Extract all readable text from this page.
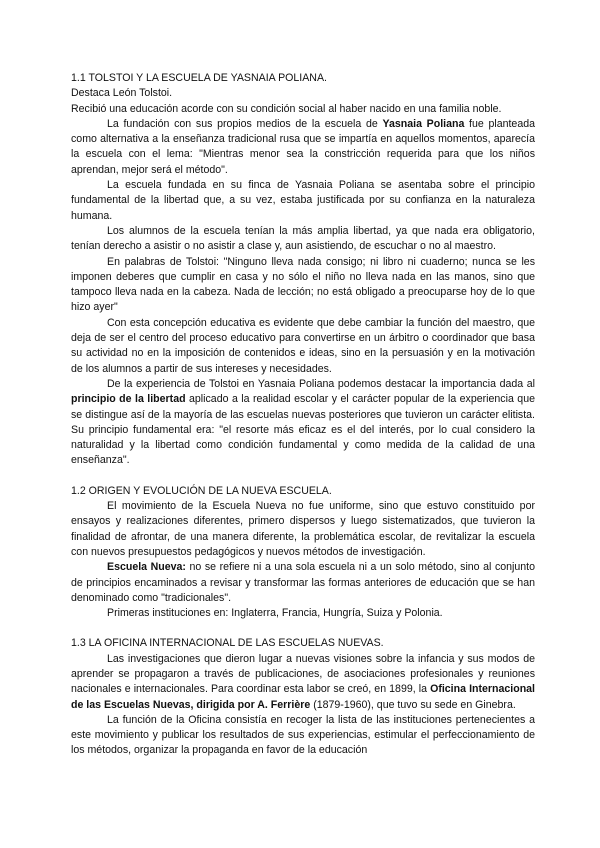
1.1 TOLSTOI Y LA ESCUELA DE YASNAIA POLIANA.

Destaca León Tolstoi.

Recibió una educación acorde con su condición social al haber nacido en una familia noble.

La fundación con sus propios medios de la escuela de Yasnaia Poliana fue planteada como alternativa a la enseñanza tradicional rusa que se impartía en aquellos momentos, aparecía la escuela con el lema: "Mientras menor sea la constricción requerida para que los niños aprendan, mejor será el método".

La escuela fundada en su finca de Yasnaia Poliana se asentaba sobre el principio fundamental de la libertad que, a su vez, estaba justificada por su confianza en la naturaleza humana.

Los alumnos de la escuela tenían la más amplia libertad, ya que nada era obligatorio, tenían derecho a asistir o no asistir a clase y, aun asistiendo, de escuchar o no al maestro.

En palabras de Tolstoi: "Ninguno lleva nada consigo; ni libro ni cuaderno; nunca se les imponen deberes que cumplir en casa y no sólo el niño no lleva nada en las manos, sino que tampoco lleva nada en la cabeza. Nada de lección; no está obligado a preocuparse hoy de lo que hizo ayer"

Con esta concepción educativa es evidente que debe cambiar la función del maestro, que deja de ser el centro del proceso educativo para convertirse en un árbitro o coordinador que basa su actividad no en la imposición de contenidos e ideas, sino en la persuasión y en la motivación de los alumnos a partir de sus intereses y necesidades.

De la experiencia de Tolstoi en Yasnaia Poliana podemos destacar la importancia dada al principio de la libertad aplicado a la realidad escolar y el carácter popular de la experiencia que se distingue así de la mayoría de las escuelas nuevas posteriores que tuvieron un carácter elitista. Su principio fundamental era: "el resorte más eficaz es el del interés, por lo cual considero la naturalidad y la libertad como condición fundamental y como medida de la calidad de una enseñanza".

1.2 ORIGEN Y EVOLUCIÓN DE LA NUEVA ESCUELA.

El movimiento de la Escuela Nueva no fue uniforme, sino que estuvo constituido por ensayos y realizaciones diferentes, primero dispersos y luego sistematizados, que tuvieron la finalidad de afrontar, de una manera diferente, la problemática escolar, de revitalizar la escuela con nuevos presupuestos pedagógicos y nuevos métodos de investigación.

Escuela Nueva: no se refiere ni a una sola escuela ni a un solo método, sino al conjunto de principios encaminados a revisar y transformar las formas anteriores de educación que se han denominado como "tradicionales".

Primeras instituciones en: Inglaterra, Francia, Hungría, Suiza y Polonia.

1.3 LA OFICINA INTERNACIONAL DE LAS ESCUELAS NUEVAS.

Las investigaciones que dieron lugar a nuevas visiones sobre la infancia y sus modos de aprender se propagaron a través de publicaciones, de asociaciones profesionales y reuniones nacionales e internacionales. Para coordinar esta labor se creó, en 1899, la Oficina Internacional de las Escuelas Nuevas, dirigida por A. Ferrière (1879-1960), que tuvo su sede en Ginebra.

La función de la Oficina consistía en recoger la lista de las instituciones pertenecientes a este movimiento y publicar los resultados de sus experiencias, estimular el perfeccionamiento de los métodos, organizar la propaganda en favor de la educación
